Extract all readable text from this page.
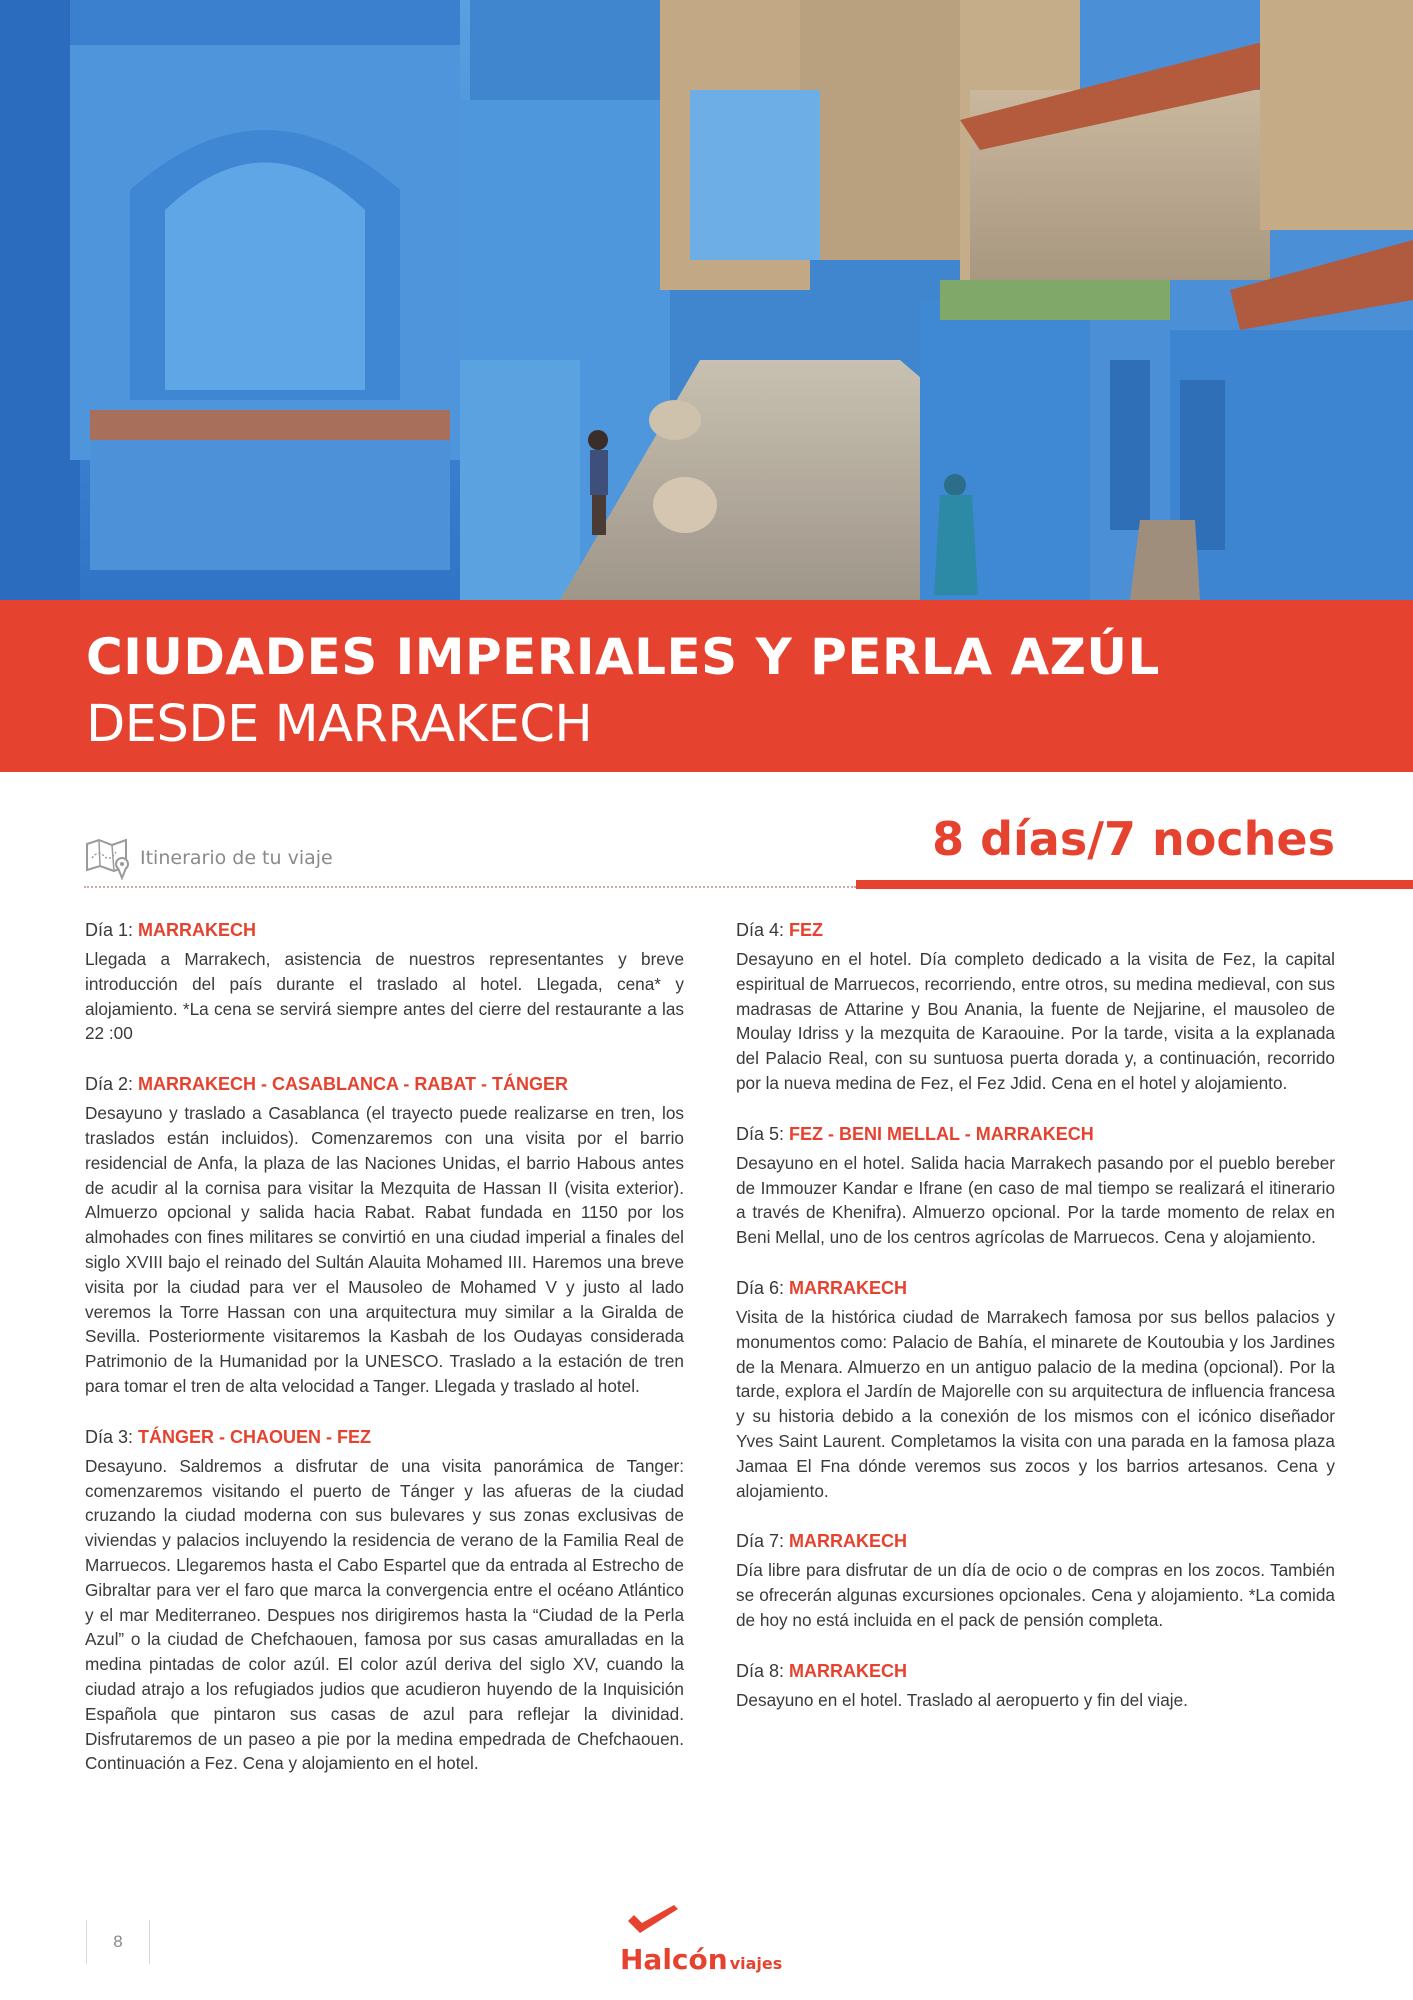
CIUDADES IMPERIALES Y PERLA AZÚL
DESDE MARRAKECH
Itinerario de tu viaje	8 días/7 noches

Día 1: MARRAKECH

Llegada a Marrakech, asistencia de nuestros representantes y breve introducción del país durante el traslado al hotel. Llegada, cena* y alojamiento. *La cena se servirá siempre antes del cierre del restaurante a las 22 :00

Día 2: MARRAKECH - CASABLANCA - RABAT - TÁNGER

Desayuno y traslado a Casablanca (el trayecto puede realizarse en tren, los traslados están incluidos). Comenzaremos con una visita por el barrio residencial de Anfa, la plaza de las Naciones Unidas, el barrio Habous antes de acudir al la cornisa para visitar la Mezquita de Hassan II (visita exterior). Almuerzo opcional y salida hacia Rabat. Rabat fundada en 1150 por los almohades con fines militares se convirtió en una ciudad imperial a finales del siglo XVIII bajo el reinado del Sultán Alauita Mohamed III. Haremos una breve visita por la ciudad para ver el Mausoleo de Mohamed V y justo al lado veremos la Torre Hassan con una arquitectura muy similar a la Giralda de Sevilla. Posteriormente visitaremos la Kasbah de los Oudayas considerada Patrimonio de la Humanidad por la UNESCO. Traslado a la estación de tren para tomar el tren de alta velocidad a Tanger. Llegada y traslado al hotel.

Día 3: TÁNGER - CHAOUEN - FEZ

Desayuno. Saldremos a disfrutar de una visita panorámica de Tanger: comenzaremos visitando el puerto de Tánger y las afueras de la ciudad cruzando la ciudad moderna con sus bulevares y sus zonas exclusivas de viviendas y palacios incluyendo la residencia de verano de la Familia Real de Marruecos. Llegaremos hasta el Cabo Espartel que da entrada al Estrecho de Gibraltar para ver el faro que marca la convergencia entre el océano Atlántico y el mar Mediterraneo. Despues nos dirigiremos hasta la “Ciudad de la Perla Azul” o la ciudad de Chefchaouen, famosa por sus casas amuralladas en la medina pintadas de color azúl. El color azúl deriva del siglo XV, cuando la ciudad atrajo a los refugiados judios que acudieron huyendo de la Inquisición Española que pintaron sus casas de azul para reflejar la divinidad. Disfrutaremos de un paseo a pie por la medina empedrada de Chefchaouen. Continuación a Fez. Cena y alojamiento en el hotel.

Día 4: FEZ

Desayuno en el hotel. Día completo dedicado a la visita de Fez, la capital espiritual de Marruecos, recorriendo, entre otros, su medina medieval, con sus madrasas de Attarine y Bou Anania, la fuente de Nejjarine, el mausoleo de Moulay Idriss y la mezquita de Karaouine. Por la tarde, visita a la explanada del Palacio Real, con su suntuosa puerta dorada y, a continuación, recorrido por la nueva medina de Fez, el Fez Jdid. Cena en el hotel y alojamiento.

Día 5: FEZ - BENI MELLAL - MARRAKECH

Desayuno en el hotel. Salida hacia Marrakech pasando por el pueblo bereber de Immouzer Kandar e Ifrane (en caso de mal tiempo se realizará el itinerario a través de Khenifra). Almuerzo opcional. Por la tarde momento de relax en Beni Mellal, uno de los centros agrícolas de Marruecos. Cena y alojamiento.

Día 6: MARRAKECH

Visita de la histórica ciudad de Marrakech famosa por sus bellos palacios y monumentos como: Palacio de Bahía, el minarete de Koutoubia y los Jardines de la Menara. Almuerzo en un antiguo palacio de la medina (opcional). Por la tarde, explora el Jardín de Majorelle con su arquitectura de influencia francesa y su historia debido a la conexión de los mismos con el icónico diseñador Yves Saint Laurent. Completamos la visita con una parada en la famosa plaza Jamaa El Fna dónde veremos sus zocos y los barrios artesanos. Cena y alojamiento.

Día 7: MARRAKECH

Día libre para disfrutar de un día de ocio o de compras en los zocos. También se ofrecerán algunas excursiones opcionales. Cena y alojamiento. *La comida de hoy no está incluida en el pack de pensión completa.

Día 8: MARRAKECH

Desayuno en el hotel. Traslado al aeropuerto y fin del viaje.

8
Halcón viajes
